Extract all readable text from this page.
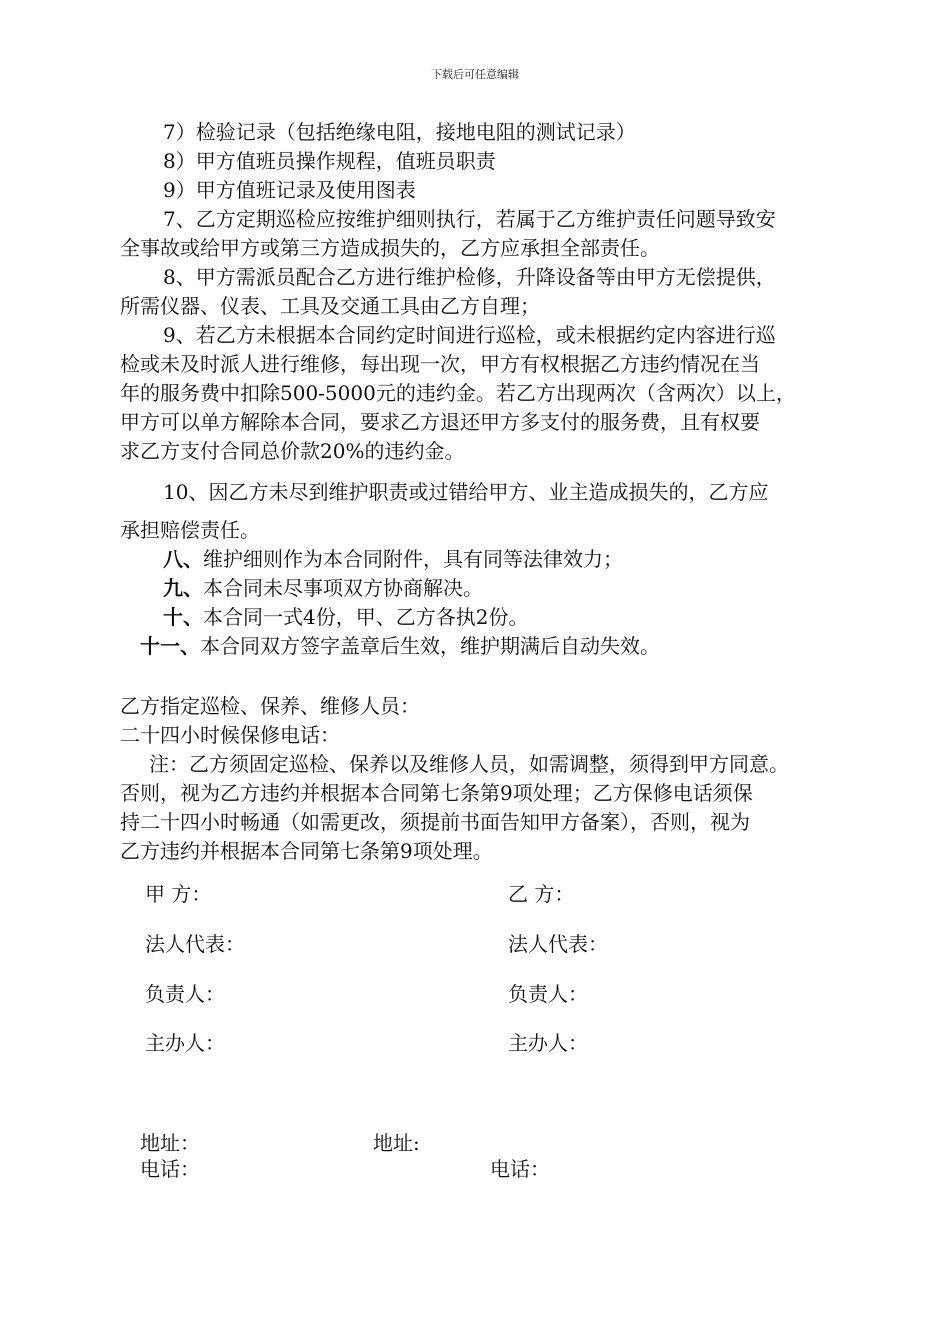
下载后可任意编辑
7）检验记录（包括绝缘电阻，接地电阻的测试记录）
8）甲方值班员操作规程，值班员职责
9）甲方值班记录及使用图表
7、乙方定期巡检应按维护细则执行，若属于乙方维护责任问题导致安
全事故或给甲方或第三方造成损失的，乙方应承担全部责任。
8、甲方需派员配合乙方进行维护检修，升降设备等由甲方无偿提供，
所需仪器、仪表、工具及交通工具由乙方自理；
9、若乙方未根据本合同约定时间进行巡检，或未根据约定内容进行巡
检或未及时派人进行维修，每出现一次，甲方有权根据乙方违约情况在当
年的服务费中扣除500-5000元的违约金。若乙方出现两次（含两次）以上，
甲方可以单方解除本合同，要求乙方退还甲方多支付的服务费，且有权要
求乙方支付合同总价款20%的违约金。
10、因乙方未尽到维护职责或过错给甲方、业主造成损失的，乙方应
承担赔偿责任。
八、维护细则作为本合同附件，具有同等法律效力；
九、本合同未尽事项双方协商解决。
十、本合同一式4份，甲、乙方各执2份。
十一、本合同双方签字盖章后生效，维护期满后自动失效。
乙方指定巡检、保养、维修人员：
二十四小时候保修电话：
注：乙方须固定巡检、保养以及维修人员，如需调整，须得到甲方同意。
否则，视为乙方违约并根据本合同第七条第9项处理；乙方保修电话须保
持二十四小时畅通（如需更改，须提前书面告知甲方备案），否则，视为
乙方违约并根据本合同第七条第9项处理。
甲 方：	乙 方：
法人代表：	法人代表：
负责人：	负责人：
主办人：	主办人：
地址：	地址:
电话：	电话：
